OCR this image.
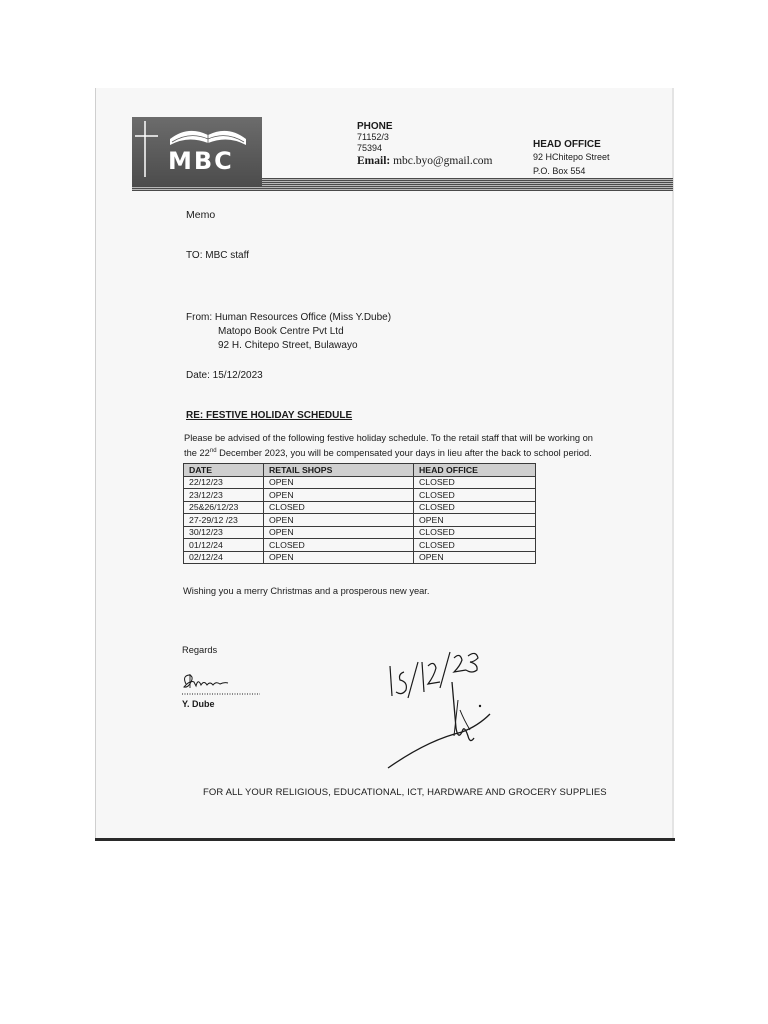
MBC
PHONE
71152/3
75394
Email: mbc.byo@gmail.com
HEAD OFFICE
92 HChitepo Street
P.O. Box 554
Memo
TO: MBC staff
From: Human Resources Office (Miss Y.Dube)
Matopo Book Centre Pvt Ltd
92 H. Chitepo Street, Bulawayo
Date: 15/12/2023
RE: FESTIVE HOLIDAY SCHEDULE
Please be advised of the following festive holiday schedule. To the retail staff that will be working on
the 22nd December 2023, you will be compensated your days in lieu after the back to school period.
DATE	RETAIL SHOPS	HEAD OFFICE
22/12/23	OPEN	CLOSED
23/12/23	OPEN	CLOSED
25&26/12/23	CLOSED	CLOSED
27-29/12 /23	OPEN	OPEN
30/12/23	OPEN	CLOSED
01/12/24	CLOSED	CLOSED
02/12/24	OPEN	OPEN
Wishing you a merry Christmas and a prosperous new year.
Regards
Y. Dube
FOR ALL YOUR RELIGIOUS, EDUCATIONAL, ICT, HARDWARE AND GROCERY SUPPLIES
